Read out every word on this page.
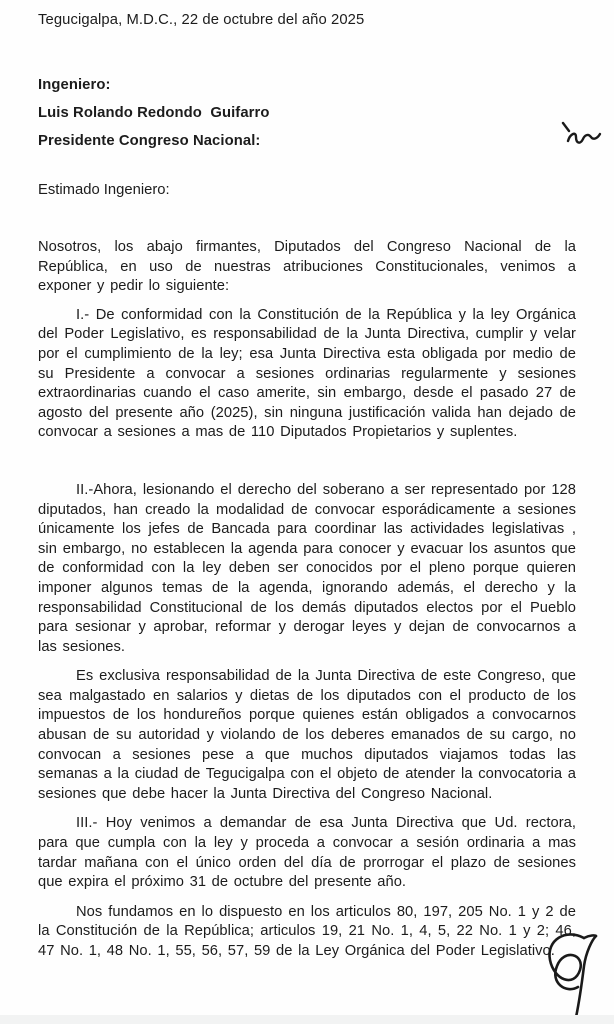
Tegucigalpa, M.D.C., 22 de octubre del año 2025

Ingeniero:

Luis Rolando Redondo  Guifarro

Presidente Congreso Nacional:

Estimado Ingeniero:

Nosotros, los abajo firmantes, Diputados del Congreso Nacional de la República, en uso de nuestras atribuciones Constitucionales, venimos a exponer y pedir lo siguiente:

I.- De conformidad con la Constitución de la República y la ley Orgánica del Poder Legislativo, es responsabilidad de la Junta Directiva, cumplir y velar por el cumplimiento de la ley; esa Junta Directiva esta obligada por medio de su Presidente a convocar a sesiones ordinarias regularmente y sesiones extraordinarias cuando el caso amerite, sin embargo, desde el pasado 27 de agosto del presente año (2025), sin ninguna justificación valida han dejado de convocar a sesiones a mas de 110 Diputados Propietarios y suplentes.

II.-Ahora, lesionando el derecho del soberano a ser representado por 128 diputados, han creado la modalidad de convocar esporádicamente a sesiones únicamente los jefes de Bancada para coordinar las actividades legislativas , sin embargo, no establecen la agenda para conocer y evacuar los asuntos que de conformidad con la ley deben ser conocidos por el pleno porque quieren imponer algunos temas de la agenda, ignorando además, el derecho y la responsabilidad Constitucional de los demás diputados electos por el Pueblo para sesionar y aprobar, reformar y derogar leyes y dejan de convocarnos a las sesiones.

Es exclusiva responsabilidad de la Junta Directiva de este Congreso, que sea malgastado en salarios y dietas de los diputados con el producto de los impuestos de los hondureños porque quienes están obligados a convocarnos abusan de su autoridad y violando de los deberes emanados de su cargo, no convocan a sesiones pese a que muchos diputados viajamos todas las semanas a la ciudad de Tegucigalpa con el objeto de atender la convocatoria a sesiones que debe hacer la Junta Directiva del Congreso Nacional.

III.- Hoy venimos a demandar de esa Junta Directiva que Ud. rectora, para que cumpla con la ley y proceda a convocar a sesión ordinaria a mas tardar mañana con el único orden del día de prorrogar el plazo de sesiones que expira el próximo 31 de octubre del presente año.

Nos fundamos en lo dispuesto en los articulos 80, 197, 205 No. 1 y 2 de la Constitución de la República; articulos 19, 21 No. 1, 4, 5, 22 No. 1 y 2; 46, 47 No. 1, 48 No. 1, 55, 56, 57, 59 de la Ley Orgánica del Poder Legislativo.
